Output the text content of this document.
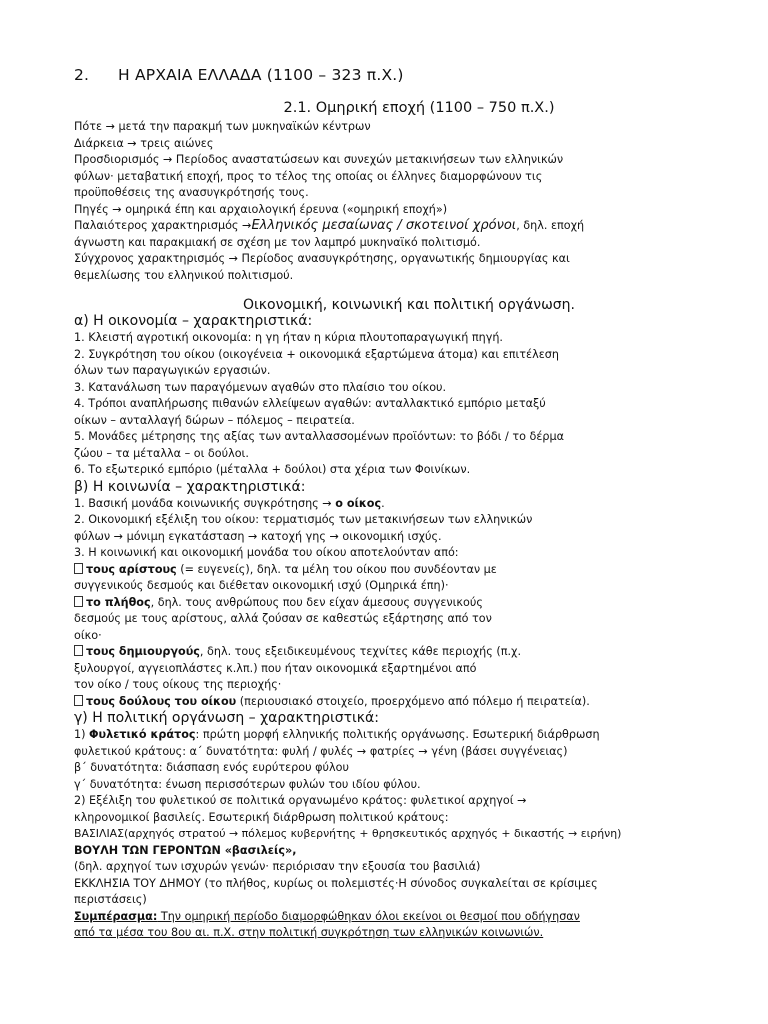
2. Η ΑΡΧΑΙΑ ΕΛΛΑΔΑ (1100 – 323 π.Χ.)
2.1. Ομηρική εποχή (1100 – 750 π.Χ.)
Πότε → μετά την παρακμή των μυκηναϊκών κέντρων
Διάρκεια → τρεις αιώνες
Προσδιορισμός → Περίοδος αναστατώσεων και συνεχών μετακινήσεων των ελληνικών
φύλων· μεταβατική εποχή, προς το τέλος της οποίας οι έλληνες διαμορφώνουν τις
προϋποθέσεις της ανασυγκρότησής τους.
Πηγές → ομηρικά έπη και αρχαιολογική έρευνα («ομηρική εποχή»)
Παλαιότερος χαρακτηρισμός →Ελληνικός μεσαίωνας / σκοτεινοί χρόνοι, δηλ. εποχή
άγνωστη και παρακμιακή σε σχέση με τον λαμπρό μυκηναϊκό πολιτισμό.
Σύγχρονος χαρακτηρισμός → Περίοδος ανασυγκρότησης, οργανωτικής δημιουργίας και
θεμελίωσης του ελληνικού πολιτισμού.
Οικονομική, κοινωνική και πολιτική οργάνωση.
α) Η οικονομία – χαρακτηριστικά:
1. Κλειστή αγροτική οικονομία: η γη ήταν η κύρια πλουτοπαραγωγική πηγή.
2. Συγκρότηση του οίκου (οικογένεια + οικονομικά εξαρτώμενα άτομα) και επιτέλεση
όλων των παραγωγικών εργασιών.
3. Κατανάλωση των παραγόμενων αγαθών στο πλαίσιο του οίκου.
4. Τρόποι αναπλήρωσης πιθανών ελλείψεων αγαθών: ανταλλακτικό εμπόριο μεταξύ
οίκων – ανταλλαγή δώρων – πόλεμος – πειρατεία.
5. Μονάδες μέτρησης της αξίας των ανταλλασσομένων προϊόντων: το βόδι / το δέρμα
ζώου – τα μέταλλα – οι δούλοι.
6. Το εξωτερικό εμπόριο (μέταλλα + δούλοι) στα χέρια των Φοινίκων.
β) Η κοινωνία – χαρακτηριστικά:
1. Βασική μονάδα κοινωνικής συγκρότησης → ο οίκος.
2. Οικονομική εξέλιξη του οίκου: τερματισμός των μετακινήσεων των ελληνικών
φύλων → μόνιμη εγκατάσταση → κατοχή γης → οικονομική ισχύς.
3. Η κοινωνική και οικονομική μονάδα του οίκου αποτελούνταν από:
τους αρίστους (= ευγενείς), δηλ. τα μέλη του οίκου που συνδέονταν με
συγγενικούς δεσμούς και διέθεταν οικονομική ισχύ (Ομηρικά έπη)·
το πλήθος, δηλ. τους ανθρώπους που δεν είχαν άμεσους συγγενικούς
δεσμούς με τους αρίστους, αλλά ζούσαν σε καθεστώς εξάρτησης από τον
οίκο·
τους δημιουργούς, δηλ. τους εξειδικευμένους τεχνίτες κάθε περιοχής (π.χ.
ξυλουργοί, αγγειοπλάστες κ.λπ.) που ήταν οικονομικά εξαρτημένοι από
τον οίκο / τους οίκους της περιοχής·
τους δούλους του οίκου (περιουσιακό στοιχείο, προερχόμενο από πόλεμο ή πειρατεία).
γ) Η πολιτική οργάνωση – χαρακτηριστικά:
1) Φυλετικό κράτος: πρώτη μορφή ελληνικής πολιτικής οργάνωσης. Εσωτερική διάρθρωση
φυλετικού κράτους: α΄ δυνατότητα: φυλή / φυλές → φατρίες → γένη (βάσει συγγένειας)
β΄ δυνατότητα: διάσπαση ενός ευρύτερου φύλου
γ΄ δυνατότητα: ένωση περισσότερων φυλών του ιδίου φύλου.
2) Εξέλιξη του φυλετικού σε πολιτικά οργανωμένο κράτος: φυλετικοί αρχηγοί →
κληρονομικοί βασιλείς. Εσωτερική διάρθρωση πολιτικού κράτους:
ΒΑΣΙΛΙΑΣ(αρχηγός στρατού → πόλεμος κυβερνήτης + θρησκευτικός αρχηγός + δικαστής → ειρήνη)
ΒΟΥΛΗ ΤΩΝ ΓΕΡΟΝΤΩΝ «βασιλείς»,
(δηλ. αρχηγοί των ισχυρών γενών· περιόρισαν την εξουσία του βασιλιά)
ΕΚΚΛΗΣΙΑ ΤΟΥ ΔΗΜΟΥ (το πλήθος, κυρίως οι πολεμιστές·Η σύνοδος συγκαλείται σε κρίσιμες
περιστάσεις)
Συμπέρασμα: Την ομηρική περίοδο διαμορφώθηκαν όλοι εκείνοι οι θεσμοί που οδήγησαν
από τα μέσα του 8ου αι. π.Χ. στην πολιτική συγκρότηση των ελληνικών κοινωνιών.
